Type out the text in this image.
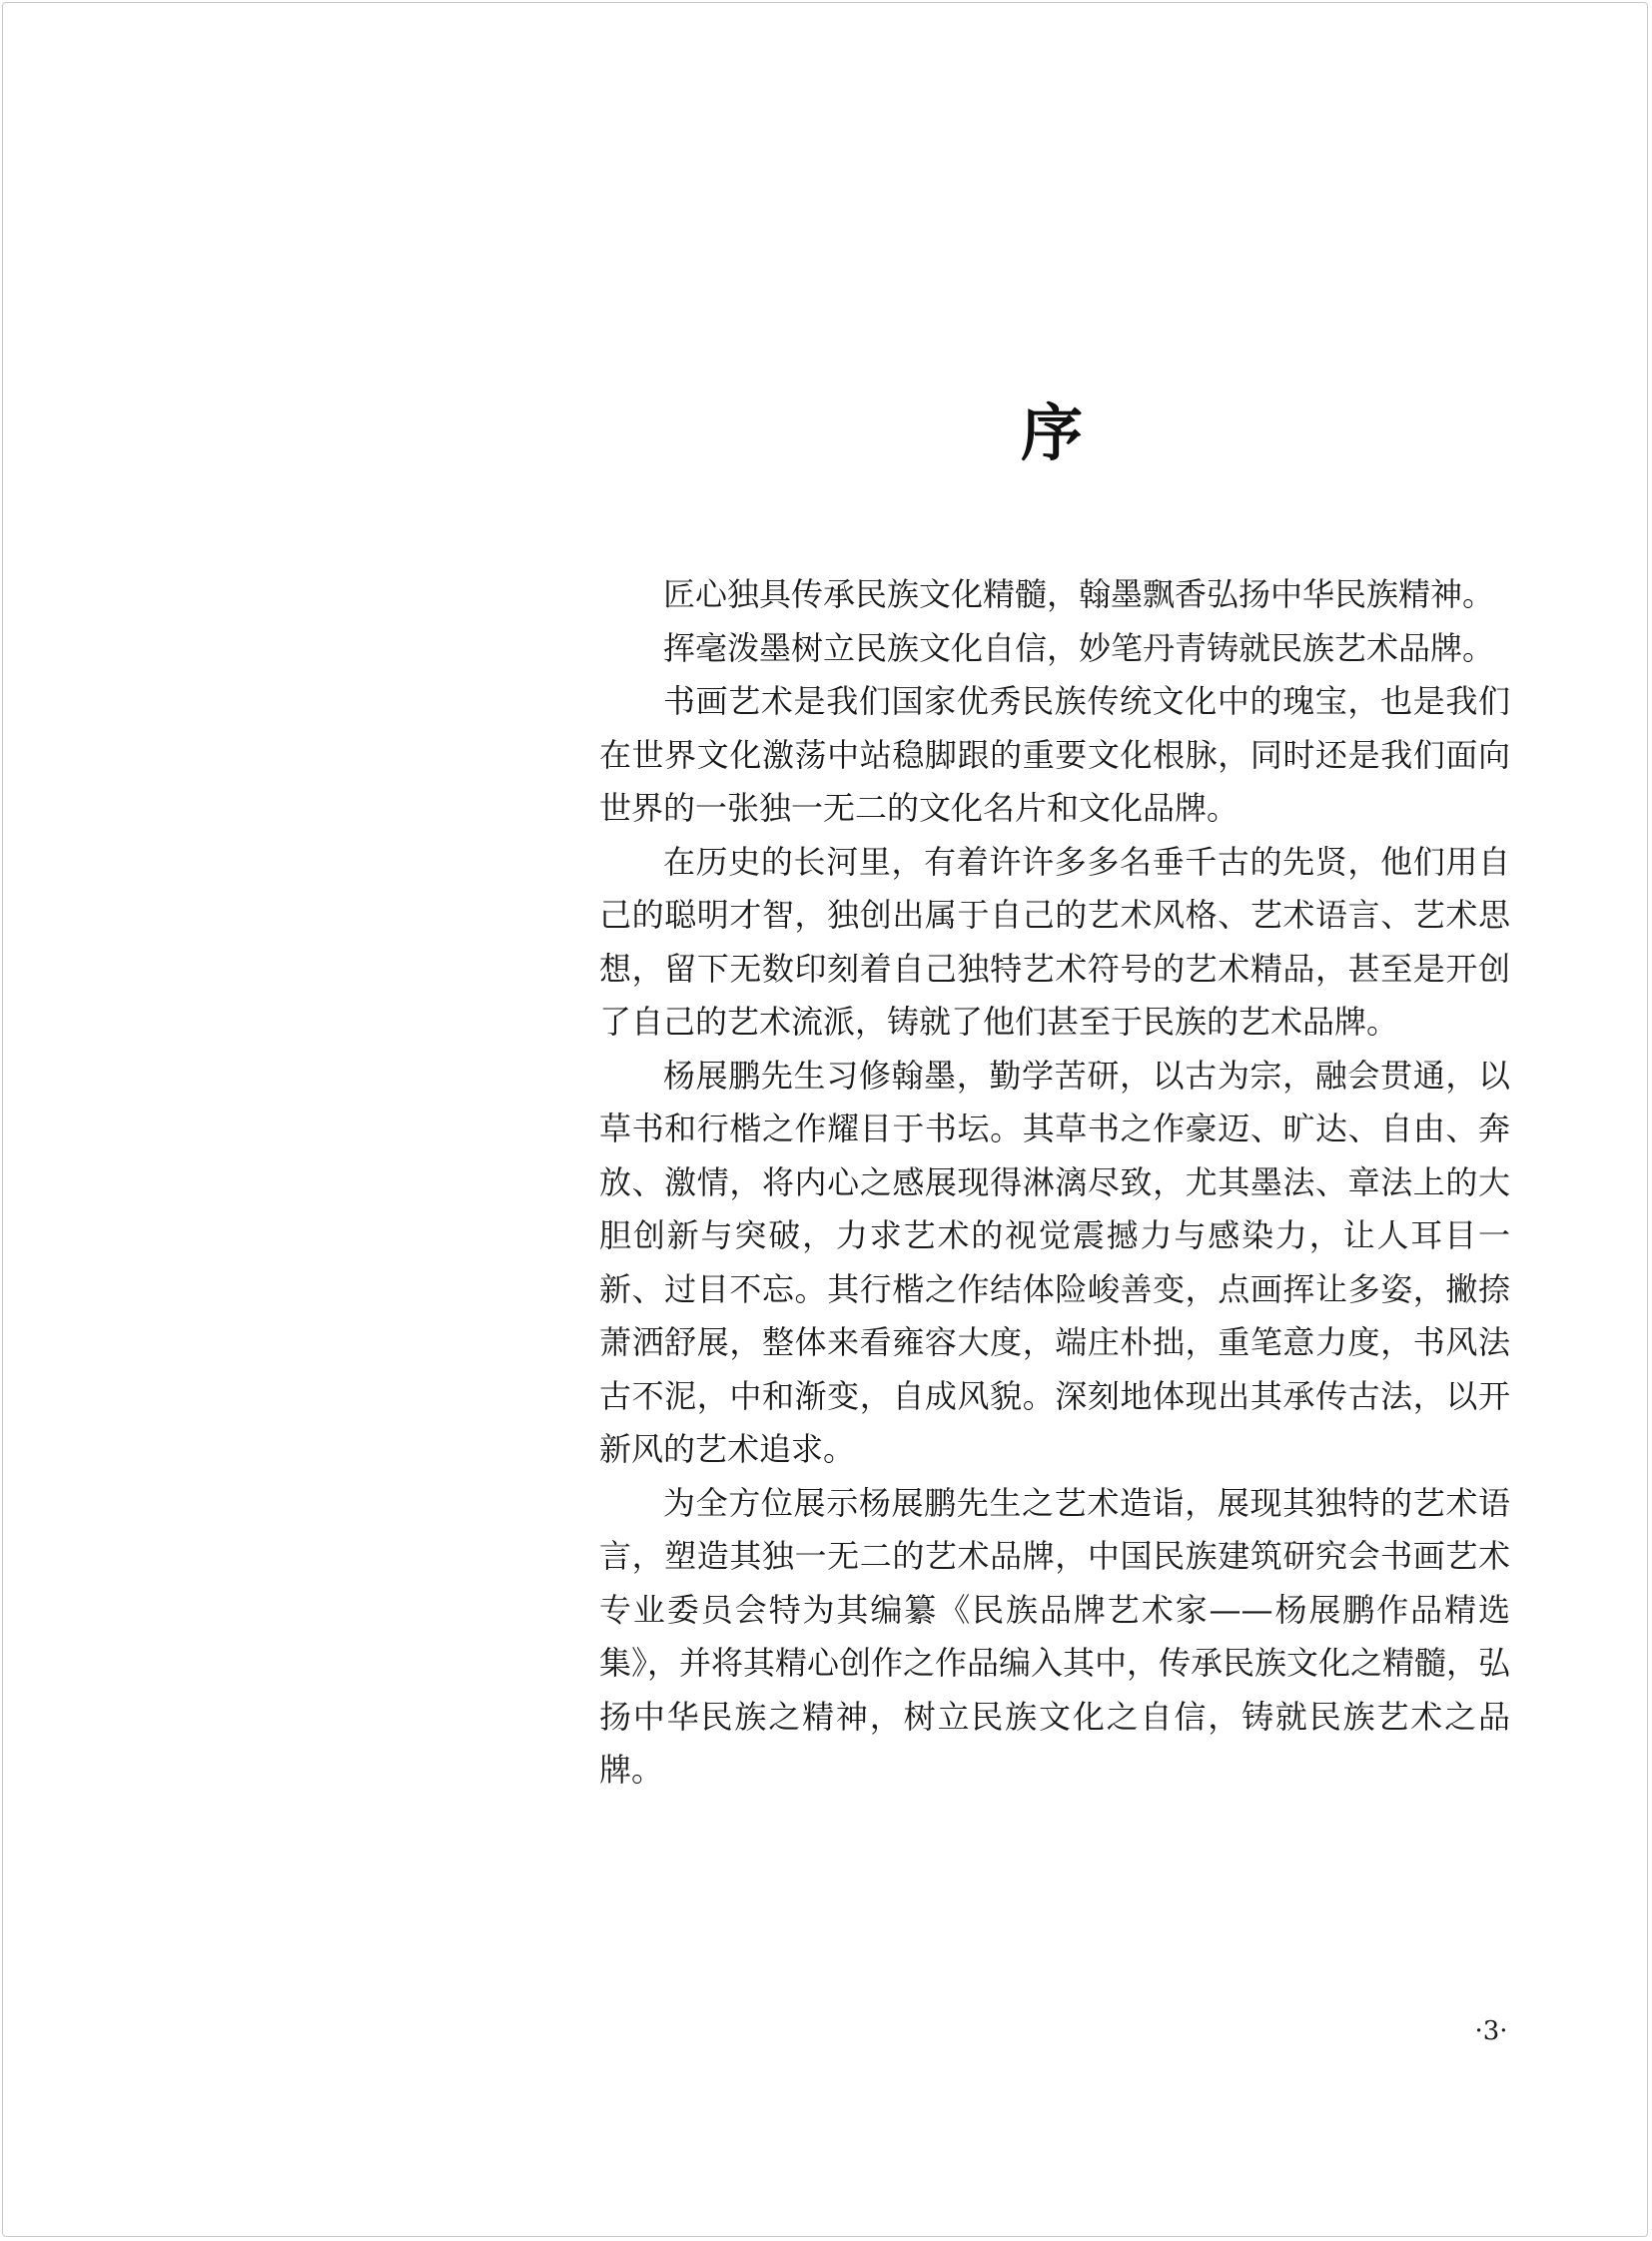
序

匠心独具传承民族文化精髓，翰墨飘香弘扬中华民族精神。

挥毫泼墨树立民族文化自信，妙笔丹青铸就民族艺术品牌。

书画艺术是我们国家优秀民族传统文化中的瑰宝，也是我们在世界文化激荡中站稳脚跟的重要文化根脉，同时还是我们面向世界的一张独一无二的文化名片和文化品牌。

在历史的长河里，有着许许多多名垂千古的先贤，他们用自己的聪明才智，独创出属于自己的艺术风格、艺术语言、艺术思想，留下无数印刻着自己独特艺术符号的艺术精品，甚至是开创了自己的艺术流派，铸就了他们甚至于民族的艺术品牌。

杨展鹏先生习修翰墨，勤学苦研，以古为宗，融会贯通，以草书和行楷之作耀目于书坛。其草书之作豪迈、旷达、自由、奔放、激情，将内心之感展现得淋漓尽致，尤其墨法、章法上的大胆创新与突破，力求艺术的视觉震撼力与感染力，让人耳目一新、过目不忘。其行楷之作结体险峻善变，点画挥让多姿，撇捺萧洒舒展，整体来看雍容大度，端庄朴拙，重笔意力度，书风法古不泥，中和渐变，自成风貌。深刻地体现出其承传古法，以开新风的艺术追求。

为全方位展示杨展鹏先生之艺术造诣，展现其独特的艺术语言，塑造其独一无二的艺术品牌，中国民族建筑研究会书画艺术专业委员会特为其编纂《民族品牌艺术家——杨展鹏作品精选集》，并将其精心创作之作品编入其中，传承民族文化之精髓，弘扬中华民族之精神，树立民族文化之自信，铸就民族艺术之品牌。

·3·
